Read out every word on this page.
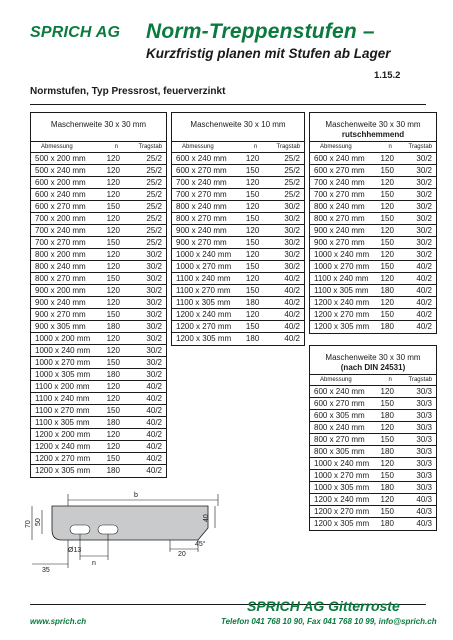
SPRICH AG Norm-Treppenstufen –
Kurzfristig planen mit Stufen ab Lager
1.15.2
Normstufen, Typ Pressrost, feuerverzinkt
Maschenweite 30 x 30 mm
Abmessung	n	Tragstab
500 x 200 mm	120	25/2
500 x 240 mm	120	25/2
600 x 200 mm	120	25/2
600 x 240 mm	120	25/2
600 x 270 mm	150	25/2
700 x 200 mm	120	25/2
700 x 240 mm	120	25/2
700 x 270 mm	150	25/2
800 x 200 mm	120	30/2
800 x 240 mm	120	30/2
800 x 270 mm	150	30/2
900 x 200 mm	120	30/2
900 x 240 mm	120	30/2
900 x 270 mm	150	30/2
900 x 305 mm	180	30/2
1000 x 200 mm	120	30/2
1000 x 240 mm	120	30/2
1000 x 270 mm	150	30/2
1000 x 305 mm	180	30/2
1100 x 200 mm	120	40/2
1100 x 240 mm	120	40/2
1100 x 270 mm	150	40/2
1100 x 305 mm	180	40/2
1200 x 200 mm	120	40/2
1200 x 240 mm	120	40/2
1200 x 270 mm	150	40/2
1200 x 305 mm	180	40/2
Maschenweite 30 x 10 mm
Abmessung	n	Tragstab
600 x 240 mm	120	25/2
600 x 270 mm	150	25/2
700 x 240 mm	120	25/2
700 x 270 mm	150	25/2
800 x 240 mm	120	30/2
800 x 270 mm	150	30/2
900 x 240 mm	120	30/2
900 x 270 mm	150	30/2
1000 x 240 mm	120	30/2
1000 x 270 mm	150	30/2
1100 x 240 mm	120	40/2
1100 x 270 mm	150	40/2
1100 x 305 mm	180	40/2
1200 x 240 mm	120	40/2
1200 x 270 mm	150	40/2
1200 x 305 mm	180	40/2
Maschenweite 30 x 30 mm
rutschhemmend
Abmessung	n	Tragstab
600 x 240 mm	120	30/2
600 x 270 mm	150	30/2
700 x 240 mm	120	30/2
700 x 270 mm	150	30/2
800 x 240 mm	120	30/2
800 x 270 mm	150	30/2
900 x 240 mm	120	30/2
900 x 270 mm	150	30/2
1000 x 240 mm	120	30/2
1000 x 270 mm	150	40/2
1100 x 240 mm	120	40/2
1100 x 305 mm	180	40/2
1200 x 240 mm	120	40/2
1200 x 270 mm	150	40/2
1200 x 305 mm	180	40/2
Maschenweite 30 x 30 mm
(nach DIN 24531)
Abmessung	n	Tragstab
600 x 240 mm	120	30/3
600 x 270 mm	150	30/3
600 x 305 mm	180	30/3
800 x 240 mm	120	30/3
800 x 270 mm	150	30/3
800 x 305 mm	180	30/3
1000 x 240 mm	120	30/3
1000 x 270 mm	150	30/3
1000 x 305 mm	180	30/3
1200 x 240 mm	120	40/3
1200 x 270 mm	150	40/3
1200 x 305 mm	180	40/3
b
40
45°
70 50
Ø13
n
20
35
SPRICH AG Gitterroste
www.sprich.ch	Telefon 041 768 10 90, Fax 041 768 10 99, info@sprich.ch
